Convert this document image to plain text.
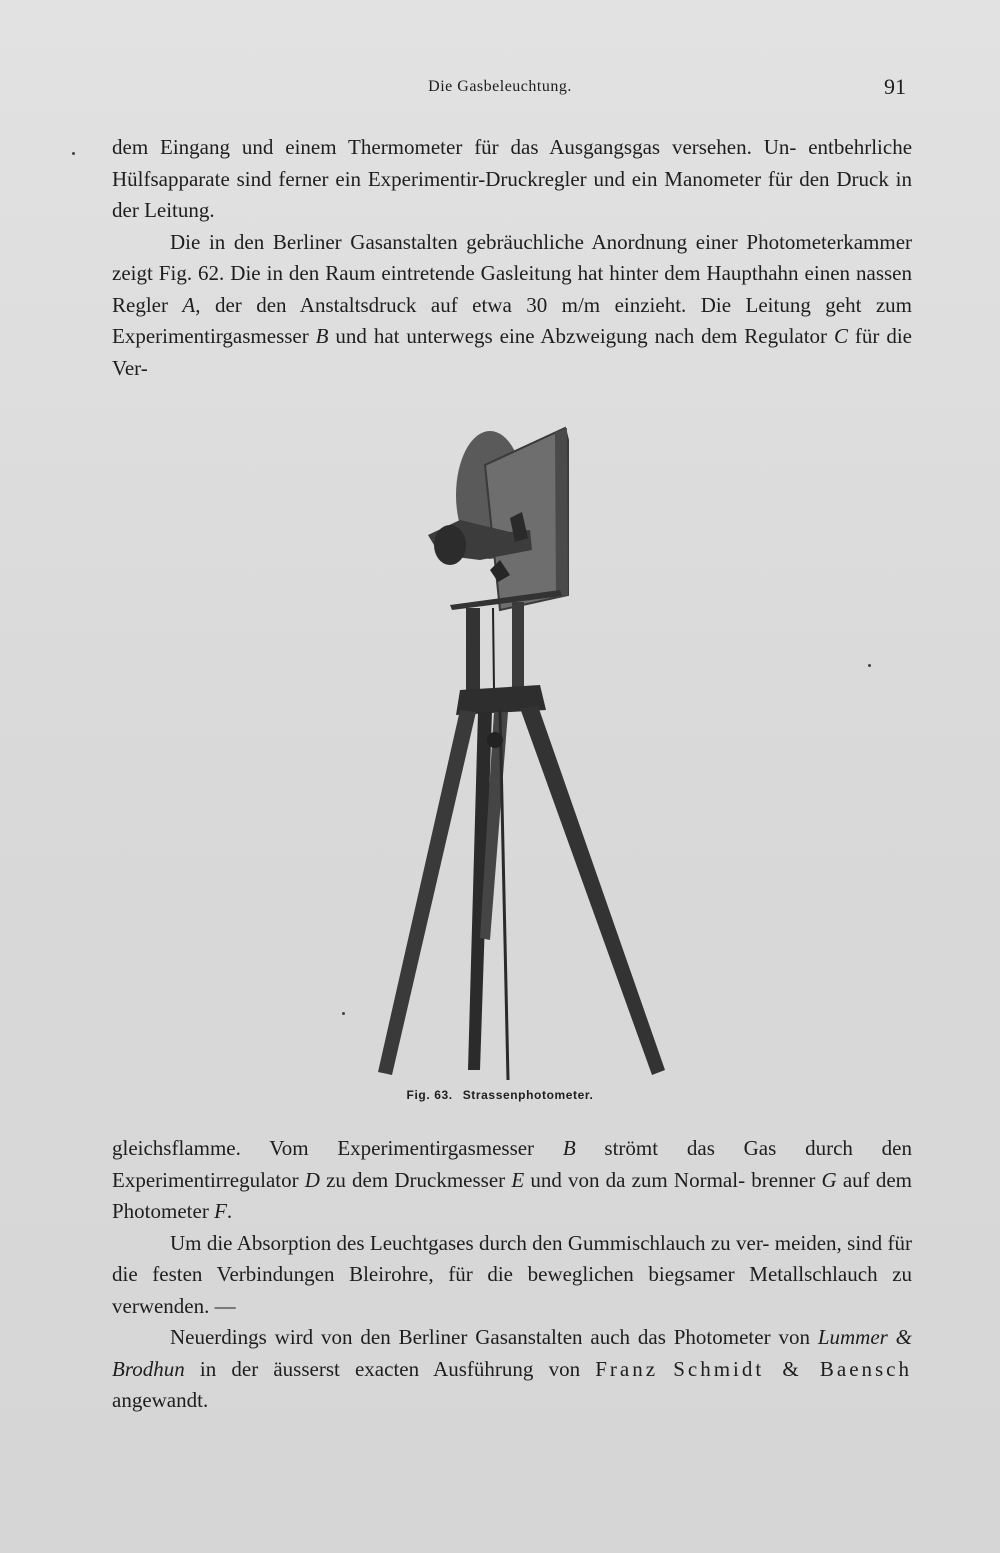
Die Gasbeleuchtung.	91

dem Eingang und einem Thermometer für das Ausgangsgas versehen. Un- entbehrliche Hülfsapparate sind ferner ein Experimentir-Druckregler und ein Manometer für den Druck in der Leitung.

Die in den Berliner Gasanstalten gebräuchliche Anordnung einer Photometerkammer zeigt Fig. 62. Die in den Raum eintretende Gasleitung hat hinter dem Haupthahn einen nassen Regler A, der den Anstaltsdruck auf etwa 30 m/m einzieht. Die Leitung geht zum Experimentirgasmesser B und hat unterwegs eine Abzweigung nach dem Regulator C für die Ver-

Fig. 63. Strassenphotometer.

gleichsflamme. Vom Experimentirgasmesser B strömt das Gas durch den Experimentirregulator D zu dem Druckmesser E und von da zum Normal- brenner G auf dem Photometer F.

Um die Absorption des Leuchtgases durch den Gummischlauch zu ver- meiden, sind für die festen Verbindungen Bleirohre, für die beweglichen biegsamer Metallschlauch zu verwenden. —

Neuerdings wird von den Berliner Gasanstalten auch das Photometer von Lummer & Brodhun in der äusserst exacten Ausführung von Franz Schmidt & Baensch angewandt.
